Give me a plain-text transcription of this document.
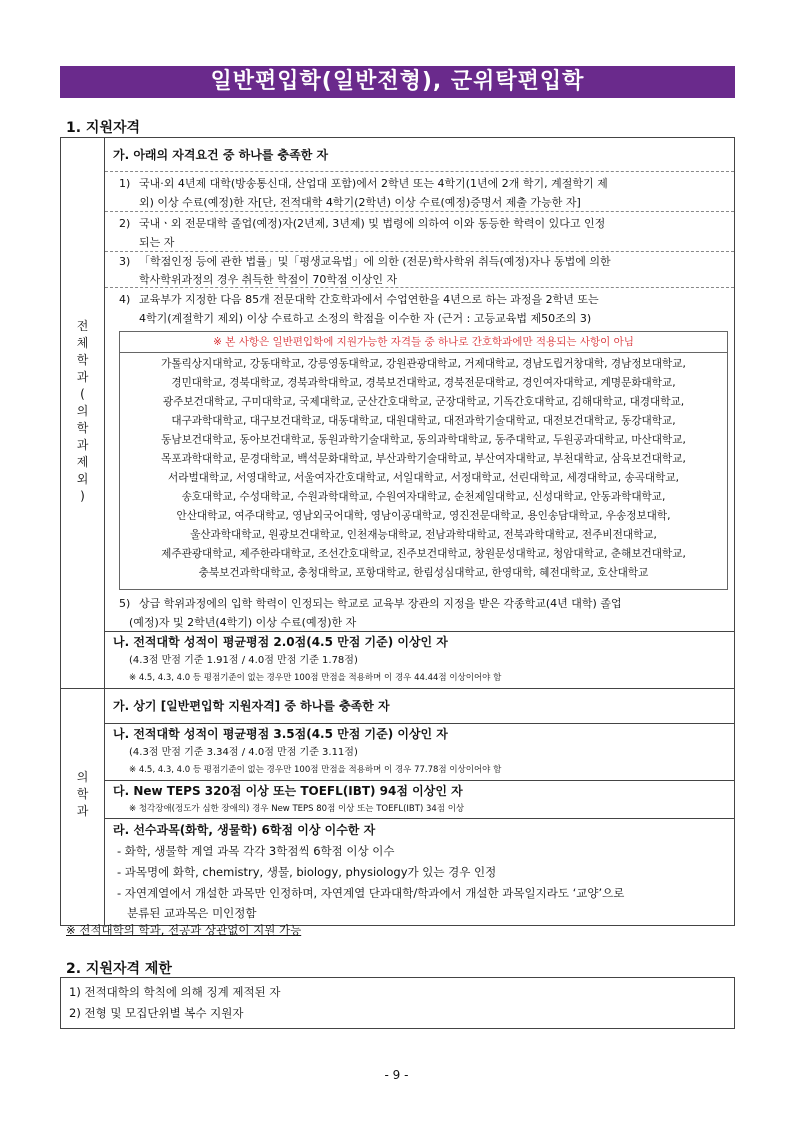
일반편입학(일반전형), 군위탁편입학
1. 지원자격
전
체
학
과
(
의
학
과
제
외
)
가. 아래의 자격요건 중 하나를 충족한 자
1) 국내·외 4년제 대학(방송통신대, 산업대 포함)에서 2학년 또는 4학기(1년에 2개 학기, 계절학기 제
외) 이상 수료(예정)한 자[단, 전적대학 4학기(2학년) 이상 수료(예정)증명서 제출 가능한 자]
2) 국내ㆍ외 전문대학 졸업(예정)자(2년제, 3년제) 및 법령에 의하여 이와 동등한 학력이 있다고 인정
되는 자
3) 「학점인정 등에 관한 법률」및「평생교육법」에 의한 (전문)학사학위 취득(예정)자나 동법에 의한
학사학위과정의 경우 취득한 학점이 70학점 이상인 자
4) 교육부가 지정한 다음 85개 전문대학 간호학과에서 수업연한을 4년으로 하는 과정을 2학년 또는
4학기(계절학기 제외) 이상 수료하고 소정의 학점을 이수한 자 (근거 : 고등교육법 제50조의 3)
※ 본 사항은 일반편입학에 지원가능한 자격들 중 하나로 간호학과에만 적용되는 사항이 아님
가톨릭상지대학교, 강동대학교, 강릉영동대학교, 강원관광대학교, 거제대학교, 경남도립거창대학, 경남정보대학교,
경민대학교, 경북대학교, 경북과학대학교, 경북보건대학교, 경북전문대학교, 경인여자대학교, 계명문화대학교,
광주보건대학교, 구미대학교, 국제대학교, 군산간호대학교, 군장대학교, 기독간호대학교, 김해대학교, 대경대학교,
대구과학대학교, 대구보건대학교, 대동대학교, 대원대학교, 대전과학기술대학교, 대전보건대학교, 동강대학교,
동남보건대학교, 동아보건대학교, 동원과학기술대학교, 동의과학대학교, 동주대학교, 두원공과대학교, 마산대학교,
목포과학대학교, 문경대학교, 백석문화대학교, 부산과학기술대학교, 부산여자대학교, 부천대학교, 삼육보건대학교,
서라벌대학교, 서영대학교, 서울여자간호대학교, 서일대학교, 서정대학교, 선린대학교, 세경대학교, 송곡대학교,
송호대학교, 수성대학교, 수원과학대학교, 수원여자대학교, 순천제일대학교, 신성대학교, 안동과학대학교,
안산대학교, 여주대학교, 영남외국어대학, 영남이공대학교, 영진전문대학교, 용인송담대학교, 우송정보대학,
울산과학대학교, 원광보건대학교, 인천재능대학교, 전남과학대학교, 전북과학대학교, 전주비전대학교,
제주관광대학교, 제주한라대학교, 조선간호대학교, 진주보건대학교, 창원문성대학교, 청암대학교, 춘해보건대학교,
충북보건과학대학교, 충청대학교, 포항대학교, 한림성심대학교, 한영대학, 혜전대학교, 호산대학교
5) 상급 학위과정에의 입학 학력이 인정되는 학교로 교육부 장관의 지정을 받은 각종학교(4년 대학) 졸업
(예정)자 및 2학년(4학기) 이상 수료(예정)한 자
나. 전적대학 성적이 평균평점 2.0점(4.5 만점 기준) 이상인 자
(4.3점 만점 기준 1.91점 / 4.0점 만점 기준 1.78점)
※ 4.5, 4.3, 4.0 등 평점기준이 없는 경우만 100점 만점을 적용하며 이 경우 44.44점 이상이어야 함
의
학
과
가. 상기 [일반편입학 지원자격] 중 하나를 충족한 자
나. 전적대학 성적이 평균평점 3.5점(4.5 만점 기준) 이상인 자
(4.3점 만점 기준 3.34점 / 4.0점 만점 기준 3.11점)
※ 4.5, 4.3, 4.0 등 평점기준이 없는 경우만 100점 만점을 적용하며 이 경우 77.78점 이상이어야 함
다. New TEPS 320점 이상 또는 TOEFL(IBT) 94점 이상인 자
※ 청각장애(정도가 심한 장애의) 경우 New TEPS 80점 이상 또는 TOEFL(IBT) 34점 이상
라. 선수과목(화학, 생물학) 6학점 이상 이수한 자
- 화학, 생물학 계열 과목 각각 3학점씩 6학점 이상 이수
- 과목명에 화학, chemistry, 생물, biology, physiology가 있는 경우 인정
- 자연계열에서 개설한 과목만 인정하며, 자연계열 단과대학/학과에서 개설한 과목일지라도 ‘교양’으로
분류된 교과목은 미인정함
※ 전적대학의 학과, 전공과 상관없이 지원 가능
2. 지원자격 제한
1) 전적대학의 학칙에 의해 징계 제적된 자
2) 전형 및 모집단위별 복수 지원자
- 9 -
